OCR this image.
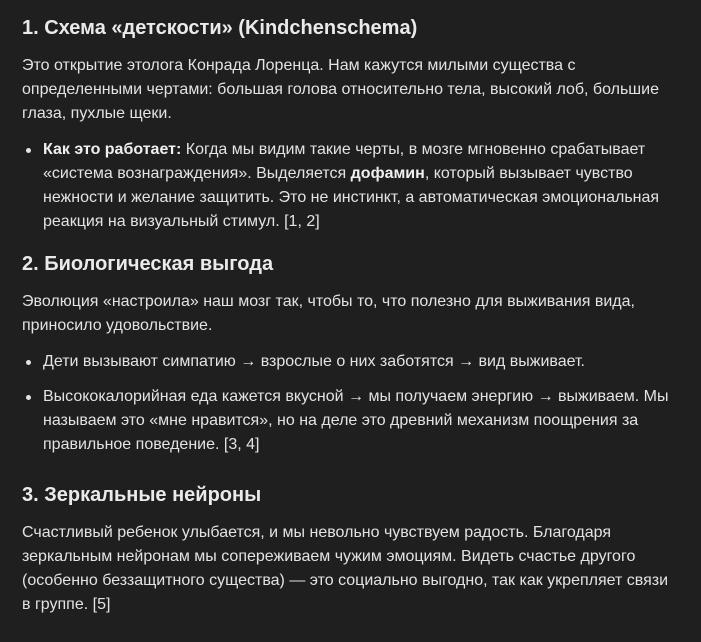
1. Схема «детскости» (Kindchenschema)

Это открытие этолога Конрада Лоренца. Нам кажутся милыми существа с определенными чертами: большая голова относительно тела, высокий лоб, большие глаза, пухлые щеки.

Как это работает: Когда мы видим такие черты, в мозге мгновенно срабатывает «система вознаграждения». Выделяется дофамин, который вызывает чувство нежности и желание защитить. Это не инстинкт, а автоматическая эмоциональная реакция на визуальный стимул. [1, 2]
2. Биологическая выгода

Эволюция «настроила» наш мозг так, чтобы то, что полезно для выживания вида, приносило удовольствие.

Дети вызывают симпатию → взрослые о них заботятся → вид выживает.
Высококалорийная еда кажется вкусной → мы получаем энергию → выживаем. Мы называем это «мне нравится», но на деле это древний механизм поощрения за правильное поведение. [3, 4]
3. Зеркальные нейроны

Счастливый ребенок улыбается, и мы невольно чувствуем радость. Благодаря зеркальным нейронам мы сопереживаем чужим эмоциям. Видеть счастье другого (особенно беззащитного существа) — это социально выгодно, так как укрепляет связи в группе. [5]
